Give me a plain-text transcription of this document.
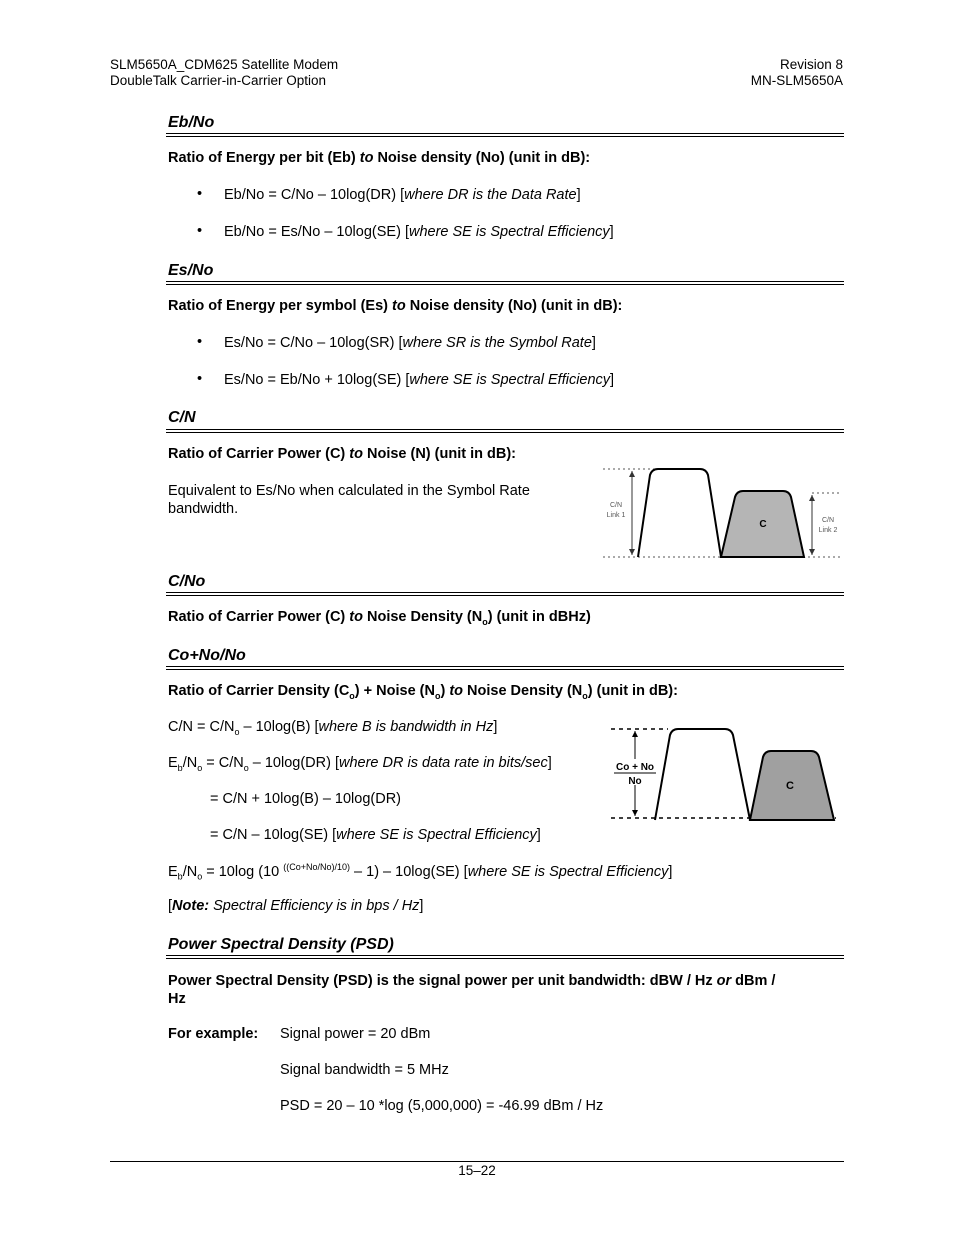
SLM5650A_CDM625 Satellite Modem
DoubleTalk Carrier-in-Carrier Option
Revision 8
MN-SLM5650A
Eb/No
Ratio of Energy per bit (Eb) to Noise density (No) (unit in dB):
• Eb/No = C/No – 10log(DR) [where DR is the Data Rate]
• Eb/No = Es/No – 10log(SE) [where SE is Spectral Efficiency]
Es/No
Ratio of Energy per symbol (Es) to Noise density (No) (unit in dB):
• Es/No = C/No – 10log(SR) [where SR is the Symbol Rate]
• Es/No = Eb/No + 10log(SE) [where SE is Spectral Efficiency]
C/N
Ratio of Carrier Power (C) to Noise (N) (unit in dB):
Equivalent to Es/No when calculated in the Symbol Rate bandwidth.	C/N
Link 1
C/N
Link 2
C
C/No
Ratio of Carrier Power (C) to Noise Density $(N_o)$ (unit in dBHz)
Co+No/No
Ratio of Carrier Density $(C_o)$ + Noise $(N_o)$ to Noise Density $(N_o)$ (unit in dB):
$C/N = C/N_o - 10\log(B)$ [where B is bandwidth in Hz]
$E_b/N_o = C/N_o - 10\log(DR)$ [where DR is data rate in bits/sec]
= C/N + 10log(B) – 10log(DR)
= C/N – 10log(SE) [where SE is Spectral Efficiency]
$E_b/N_o = 10\log$ (10 $^{((Co+No/No)/10)}$ – 1) – 10log(SE) [where SE is Spectral Efficiency]
[Note: Spectral Efficiency is in bps / Hz]
Co + No
No	C
Power Spectral Density (PSD)
Power Spectral Density (PSD) is the signal power per unit bandwidth: dBW / Hz or dBm /
Hz
For example: Signal power = 20 dBm
Signal bandwidth = 5 MHz
PSD = 20 – 10 *log (5,000,000) = -46.99 dBm / Hz
15–22
